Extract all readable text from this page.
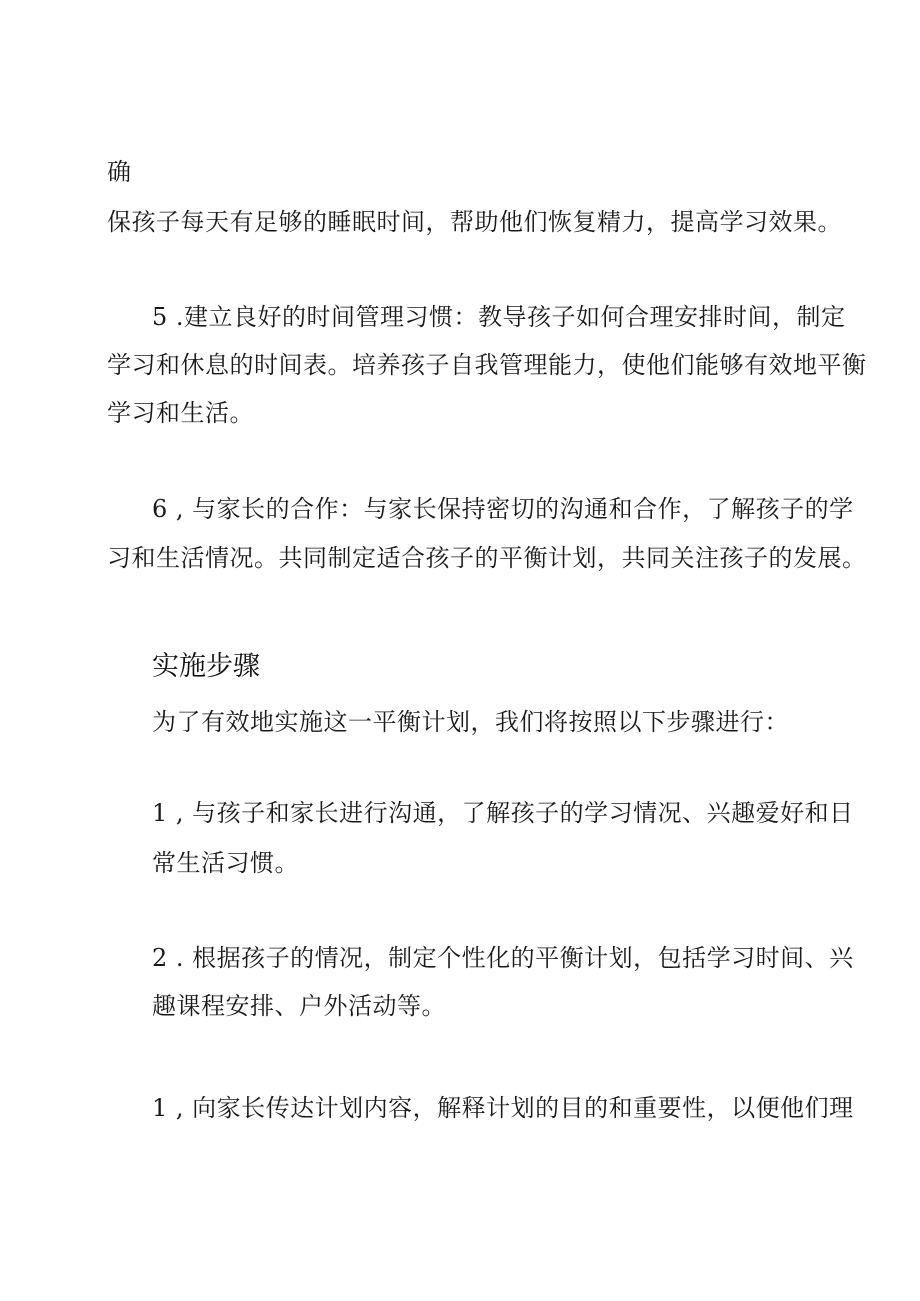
确
保孩子每天有足够的睡眠时间，帮助他们恢复精力，提高学习效果。
5 .建立良好的时间管理习惯：教导孩子如何合理安排时间，制定
学习和休息的时间表。培养孩子自我管理能力，使他们能够有效地平衡
学习和生活。
6 , 与家长的合作：与家长保持密切的沟通和合作，了解孩子的学
习和生活情况。共同制定适合孩子的平衡计划，共同关注孩子的发展。
实施步骤
为了有效地实施这一平衡计划，我们将按照以下步骤进行：
1 , 与孩子和家长进行沟通，了解孩子的学习情况、兴趣爱好和日
常生活习惯。
2 . 根据孩子的情况，制定个性化的平衡计划，包括学习时间、兴
趣课程安排、户外活动等。
1 , 向家长传达计划内容，解释计划的目的和重要性，以便他们理
